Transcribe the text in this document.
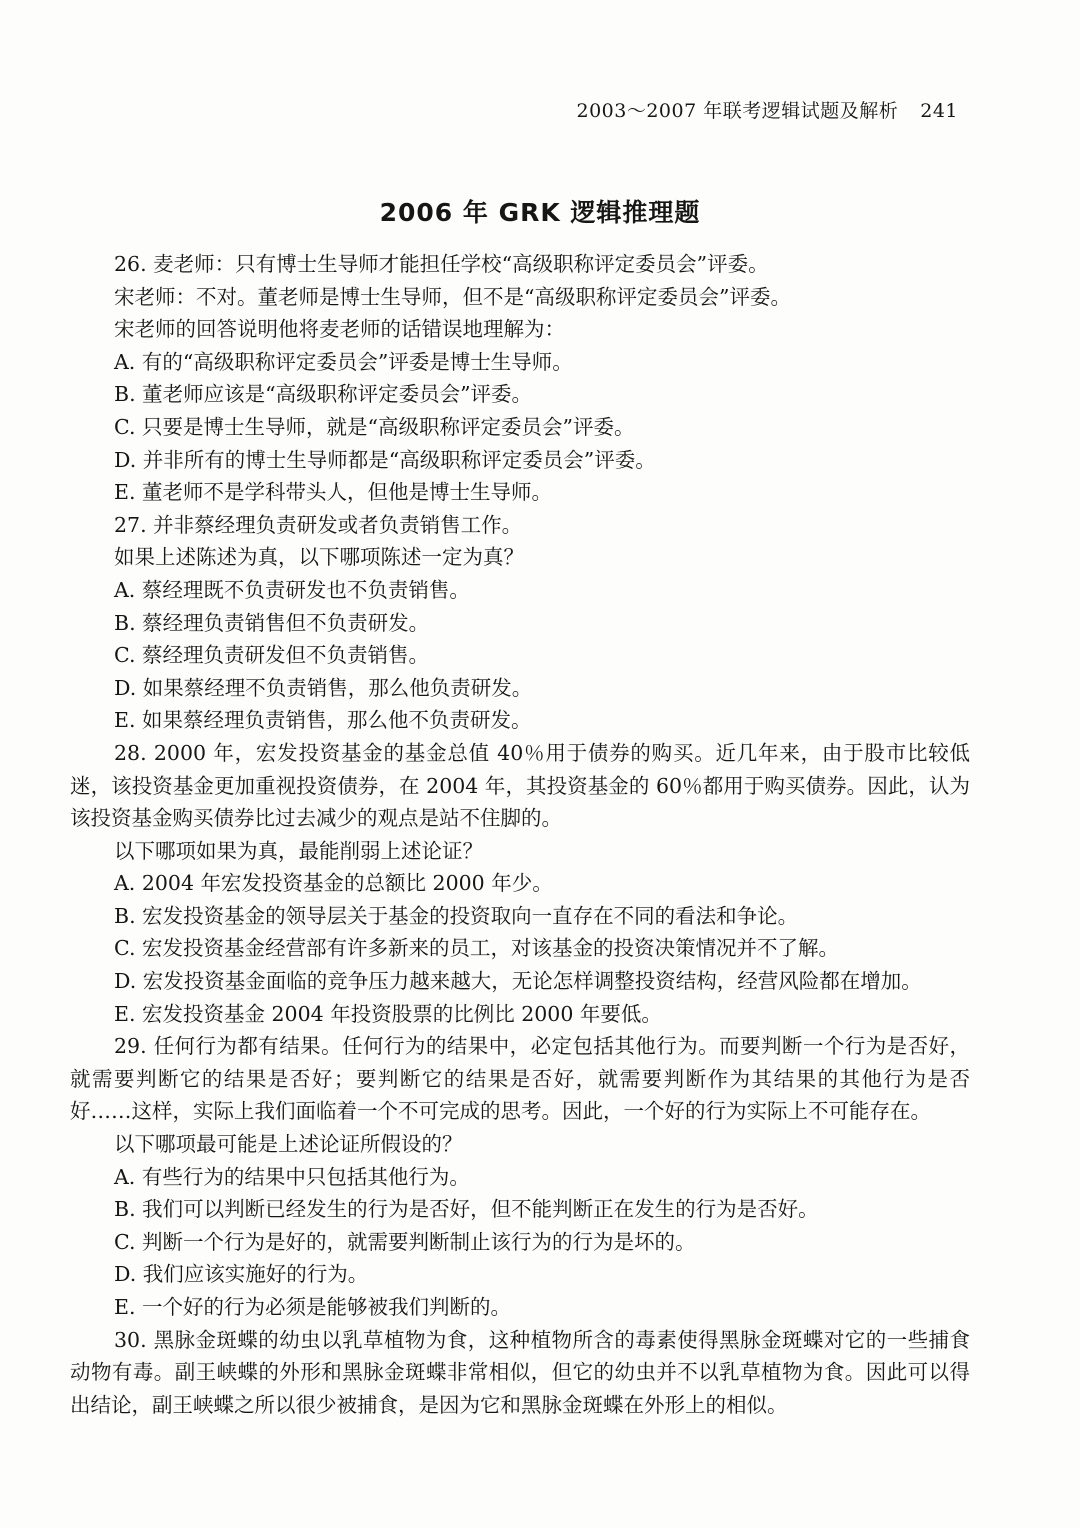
2003～2007 年联考逻辑试题及解析 241
2006 年 GRK 逻辑推理题
26. 麦老师：只有博士生导师才能担任学校“高级职称评定委员会”评委。
宋老师：不对。董老师是博士生导师，但不是“高级职称评定委员会”评委。
宋老师的回答说明他将麦老师的话错误地理解为：
A. 有的“高级职称评定委员会”评委是博士生导师。
B. 董老师应该是“高级职称评定委员会”评委。
C. 只要是博士生导师，就是“高级职称评定委员会”评委。
D. 并非所有的博士生导师都是“高级职称评定委员会”评委。
E. 董老师不是学科带头人，但他是博士生导师。
27. 并非蔡经理负责研发或者负责销售工作。
如果上述陈述为真，以下哪项陈述一定为真？
A. 蔡经理既不负责研发也不负责销售。
B. 蔡经理负责销售但不负责研发。
C. 蔡经理负责研发但不负责销售。
D. 如果蔡经理不负责销售，那么他负责研发。
E. 如果蔡经理负责销售，那么他不负责研发。
28. 2000 年，宏发投资基金的基金总值 40％用于债券的购买。近几年来，由于股市比较低迷，该投资基金更加重视投资债券，在 2004 年，其投资基金的 60％都用于购买债券。因此，认为该投资基金购买债券比过去减少的观点是站不住脚的。
以下哪项如果为真，最能削弱上述论证？
A. 2004 年宏发投资基金的总额比 2000 年少。
B. 宏发投资基金的领导层关于基金的投资取向一直存在不同的看法和争论。
C. 宏发投资基金经营部有许多新来的员工，对该基金的投资决策情况并不了解。
D. 宏发投资基金面临的竞争压力越来越大，无论怎样调整投资结构，经营风险都在增加。
E. 宏发投资基金 2004 年投资股票的比例比 2000 年要低。
29. 任何行为都有结果。任何行为的结果中，必定包括其他行为。而要判断一个行为是否好，就需要判断它的结果是否好；要判断它的结果是否好，就需要判断作为其结果的其他行为是否好……这样，实际上我们面临着一个不可完成的思考。因此，一个好的行为实际上不可能存在。
以下哪项最可能是上述论证所假设的？
A. 有些行为的结果中只包括其他行为。
B. 我们可以判断已经发生的行为是否好，但不能判断正在发生的行为是否好。
C. 判断一个行为是好的，就需要判断制止该行为的行为是坏的。
D. 我们应该实施好的行为。
E. 一个好的行为必须是能够被我们判断的。
30. 黑脉金斑蝶的幼虫以乳草植物为食，这种植物所含的毒素使得黑脉金斑蝶对它的一些捕食动物有毒。副王峡蝶的外形和黑脉金斑蝶非常相似，但它的幼虫并不以乳草植物为食。因此可以得出结论，副王峡蝶之所以很少被捕食，是因为它和黑脉金斑蝶在外形上的相似。
